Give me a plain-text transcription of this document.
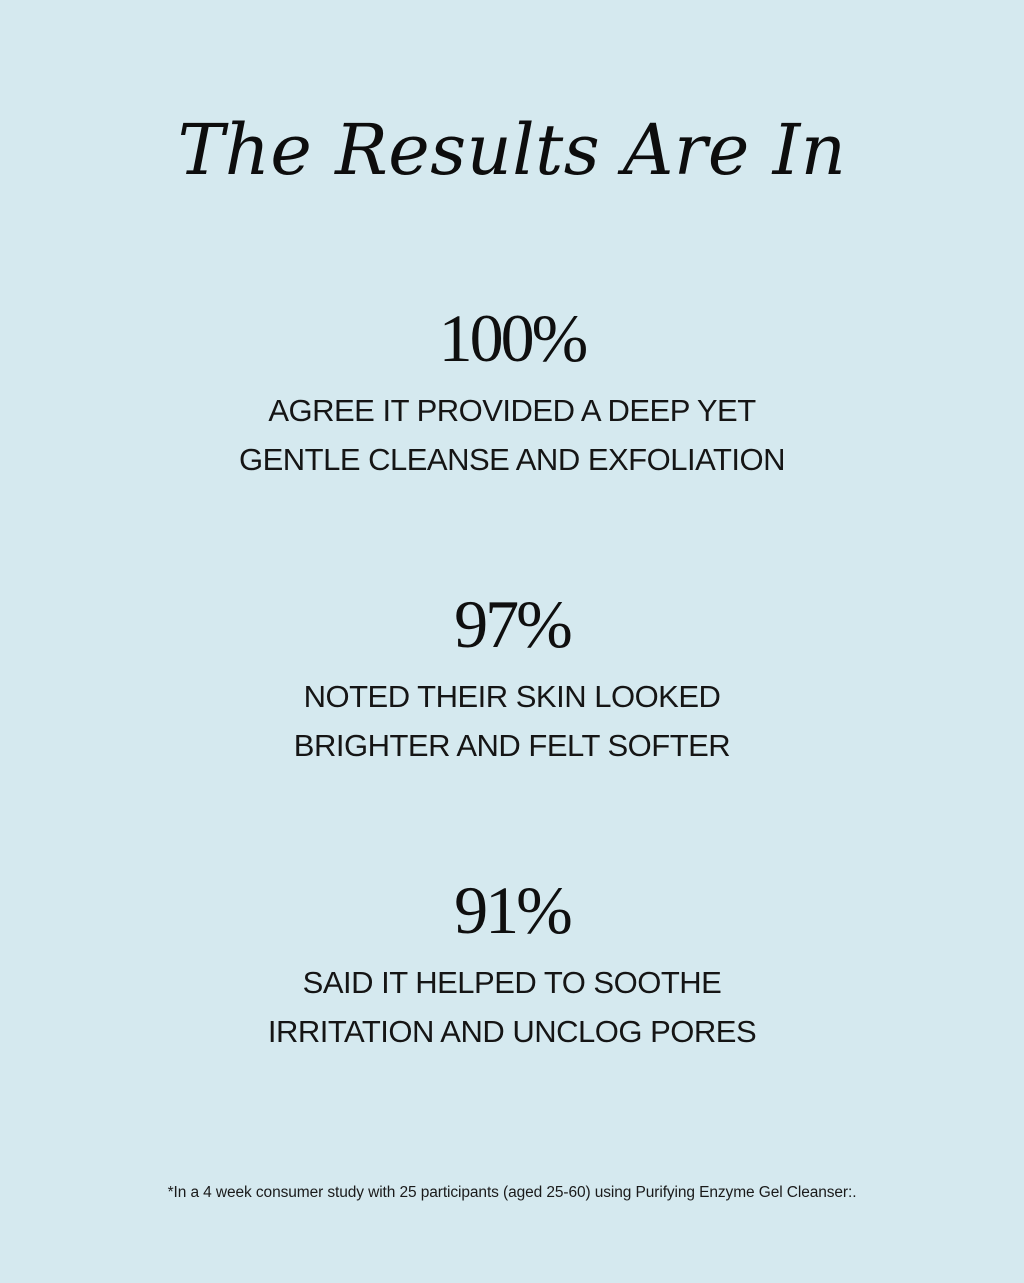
The Results Are In
100%
AGREE IT PROVIDED A DEEP YET
GENTLE CLEANSE AND EXFOLIATION
97%
NOTED THEIR SKIN LOOKED
BRIGHTER AND FELT SOFTER
91%
SAID IT HELPED TO SOOTHE
IRRITATION AND UNCLOG PORES
*In a 4 week consumer study with 25 participants (aged 25-60) using Purifying Enzyme Gel Cleanser:.
